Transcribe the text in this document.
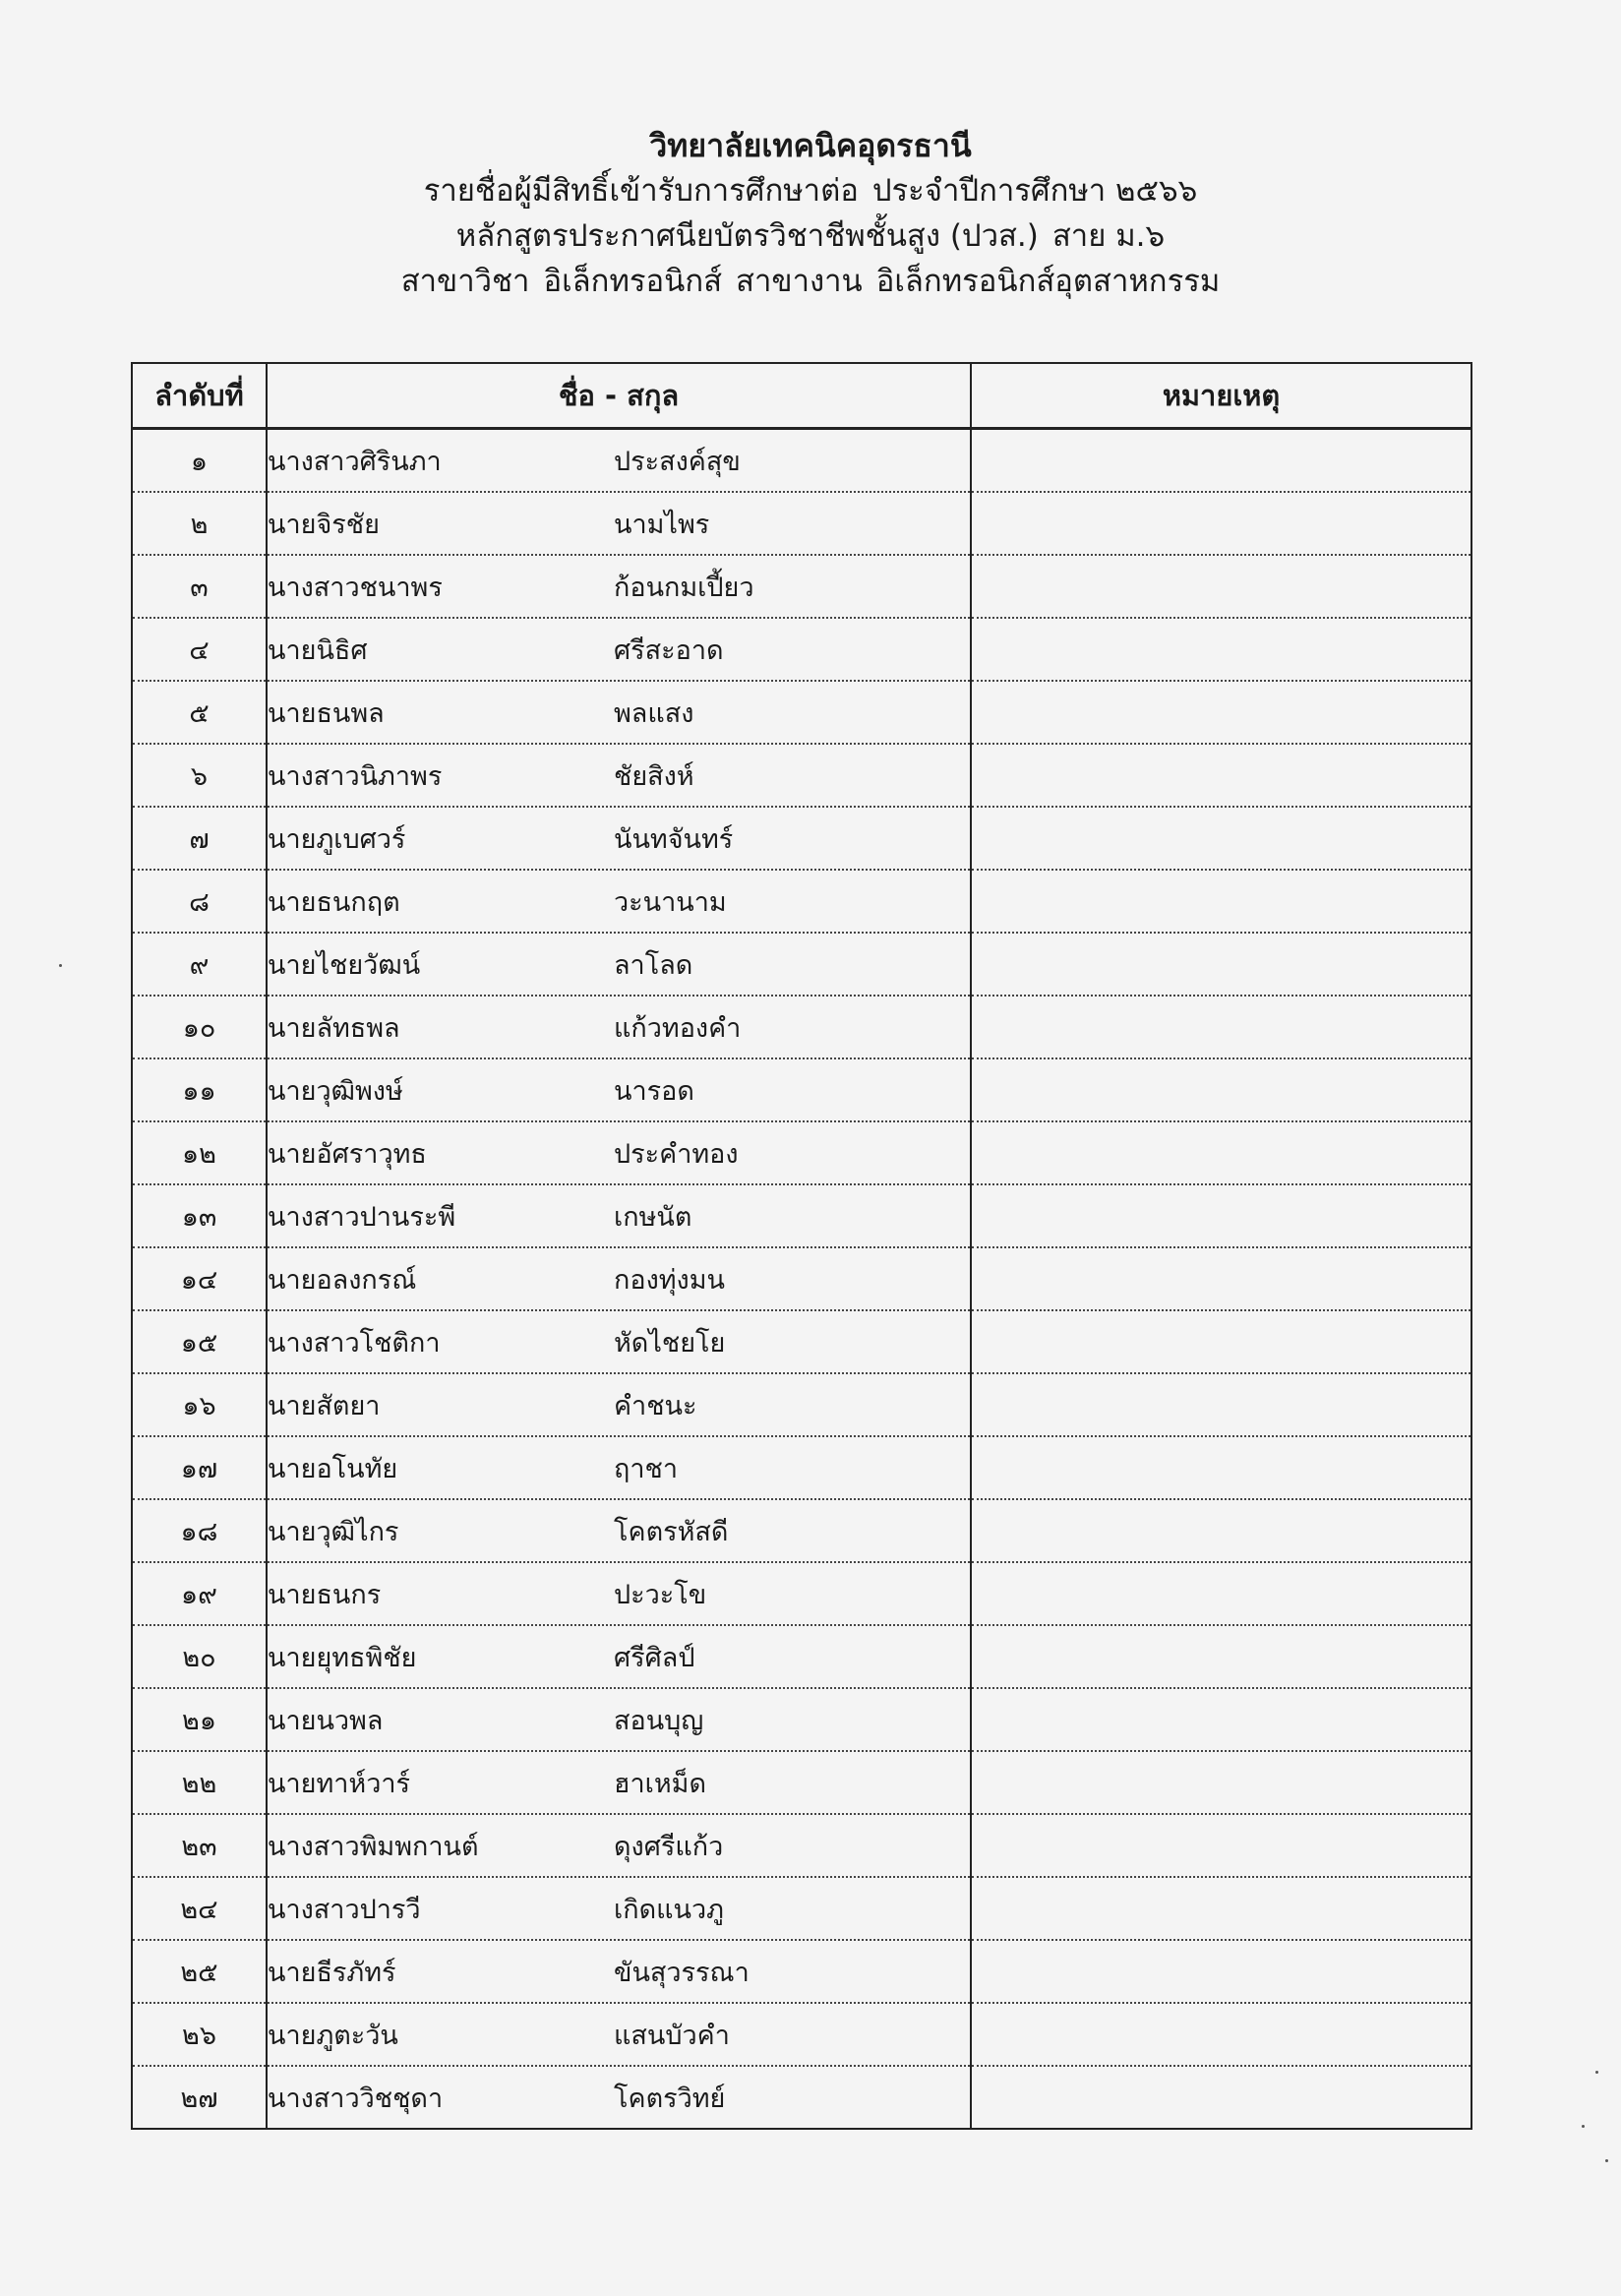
วิทยาลัยเทคนิคอุดรธานี
รายชื่อผู้มีสิทธิ์เข้ารับการศึกษาต่อ ประจำปีการศึกษา ๒๕๖๖
หลักสูตรประกาศนียบัตรวิชาชีพชั้นสูง (ปวส.) สาย ม.๖
สาขาวิชา อิเล็กทรอนิกส์ สาขางาน อิเล็กทรอนิกส์อุตสาหกรรม
ลำดับที่	ชื่อ - สกุล	หมายเหตุ
๑	นางสาวศิรินภา ประสงค์สุข	
๒	นายจิรชัย นามไพร	
๓	นางสาวชนาพร ก้อนกมเปี้ยว	
๔	นายนิธิศ ศรีสะอาด	
๕	นายธนพล พลแสง	
๖	นางสาวนิภาพร ชัยสิงห์	
๗	นายภูเบศวร์ นันทจันทร์	
๘	นายธนกฤต วะนานาม	
๙	นายไชยวัฒน์ ลาโลด	
๑๐	นายลัทธพล แก้วทองคำ	
๑๑	นายวุฒิพงษ์ นารอด	
๑๒	นายอัศราวุทธ ประคำทอง	
๑๓	นางสาวปานระพี เกษนัต	
๑๔	นายอลงกรณ์ กองทุ่งมน	
๑๕	นางสาวโชติกา หัดไชยโย	
๑๖	นายสัตยา คำชนะ	
๑๗	นายอโนทัย ฤาชา	
๑๘	นายวุฒิไกร โคตรหัสดี	
๑๙	นายธนกร ปะวะโข	
๒๐	นายยุทธพิชัย ศรีศิลป์	
๒๑	นายนวพล สอนบุญ	
๒๒	นายทาห์วาร์ ฮาเหม็ด	
๒๓	นางสาวพิมพกานต์ ดุงศรีแก้ว	
๒๔	นางสาวปารวี เกิดแนวภู	
๒๕	นายธีรภัทร์ ขันสุวรรณา	
๒๖	นายภูตะวัน แสนบัวคำ	
๒๗	นางสาววิชชุดา โคตรวิทย์	
